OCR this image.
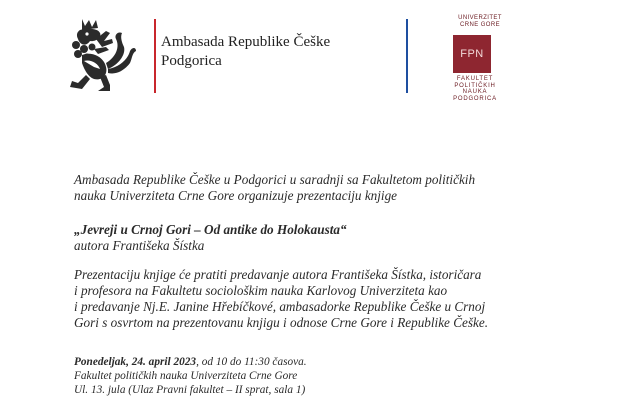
Ambasada Republike Češke
Podgorica
UNIVERZITET
CRNE GORE
FPN
FAKULTET
POLITIČKIH
NAUKA
PODGORICA
Ambasada Republike Češke u Podgorici u saradnji sa Fakultetom političkih
nauka Univerziteta Crne Gore organizuje prezentaciju knjige
„Jevreji u Crnoj Gori – Od antike do Holokausta“
autora Františeka Šístka
Prezentaciju knjige će pratiti predavanje autora Františeka Šístka, istoričara
i profesora na Fakultetu sociološkim nauka Karlovog Univerziteta kao
i predavanje Nj.E. Janine Hřebíčkové, ambasadorke Republike Češke u Crnoj
Gori s osvrtom na prezentovanu knjigu i odnose Crne Gore i Republike Češke.
Ponedeljak, 24. april 2023, od 10 do 11:30 časova.
Fakultet političkih nauka Univerziteta Crne Gore
Ul. 13. jula (Ulaz Pravni fakultet – II sprat, sala 1)
